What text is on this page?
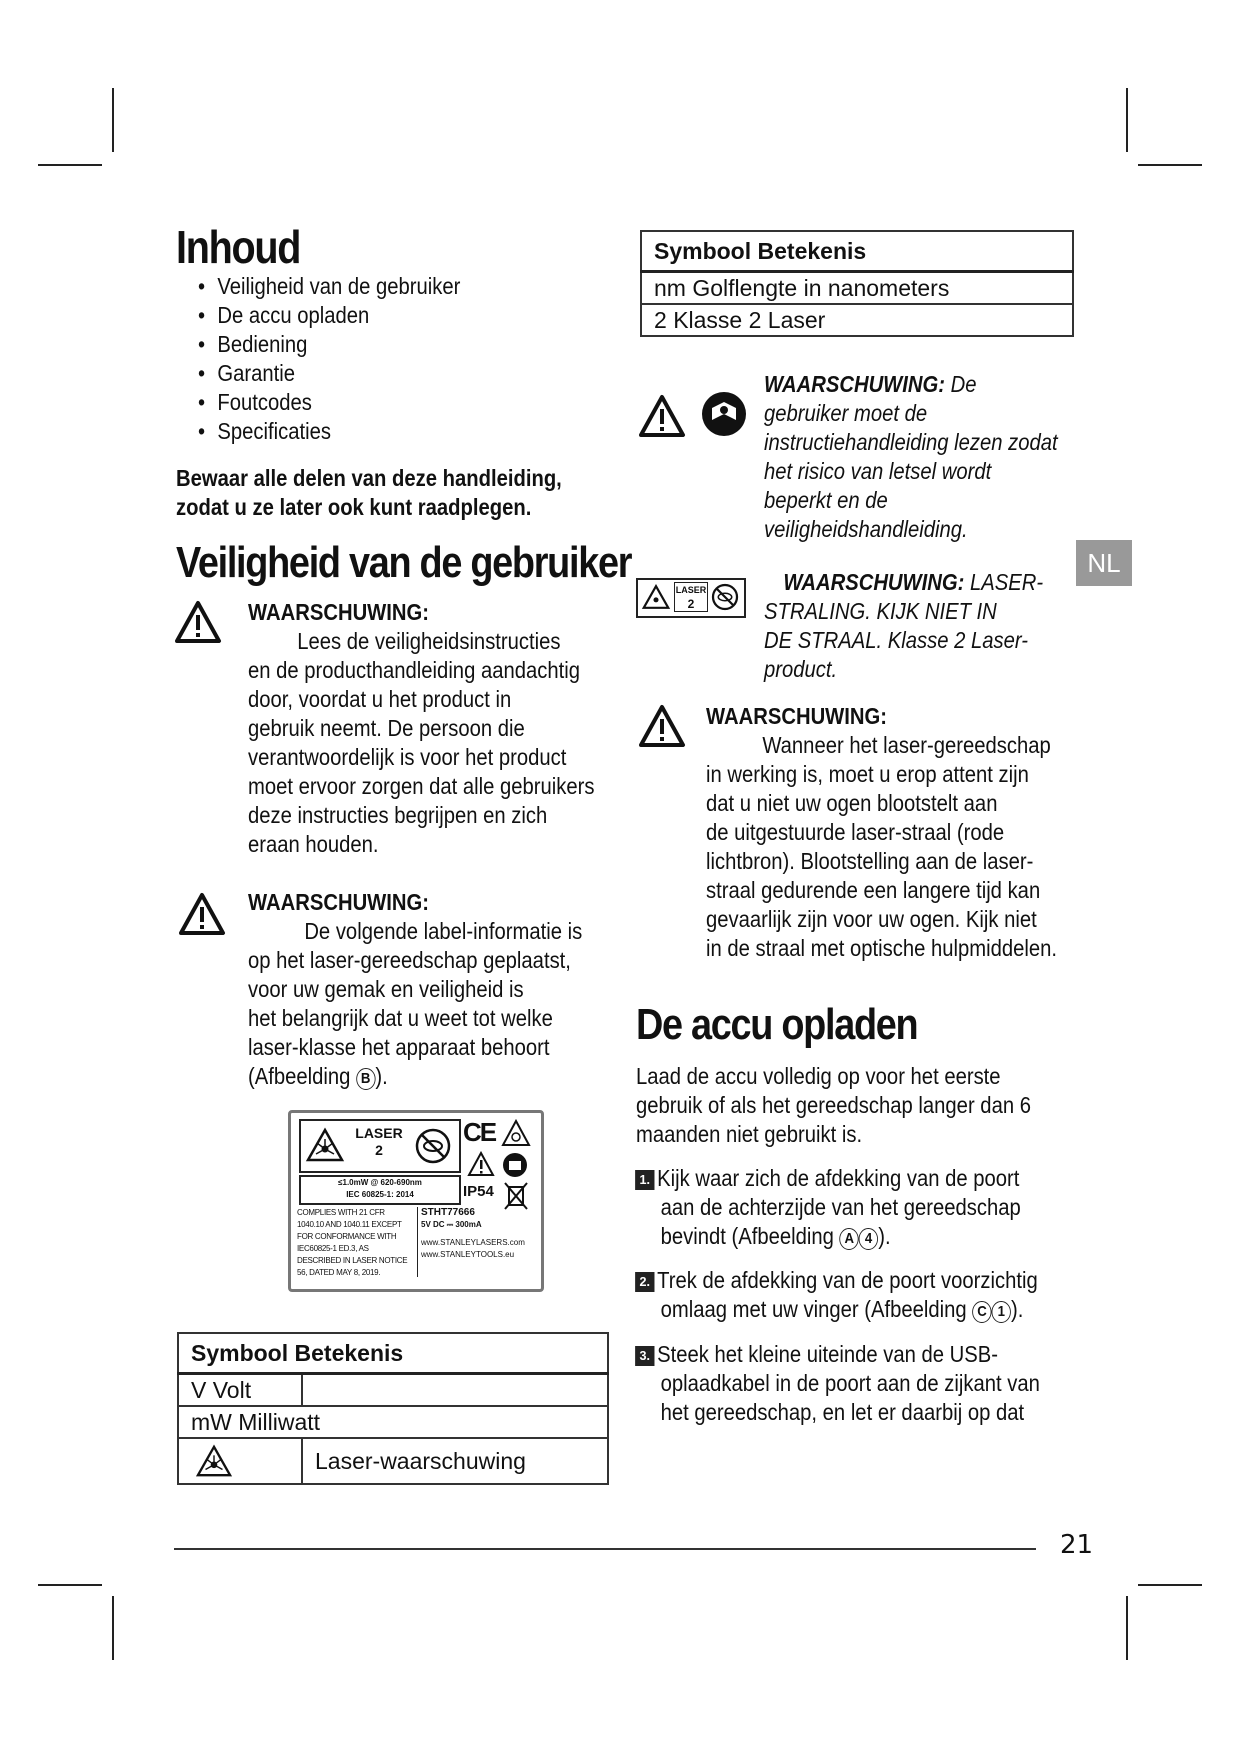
Inhoud
• Veiligheid van de gebruiker
• De accu opladen
• Bediening
• Garantie
• Foutcodes
• Specificaties
Bewaar alle delen van deze handleiding,
zodat u ze later ook kunt raadplegen.
Veiligheid van de gebruiker
WAARSCHUWING:
Lees de veiligheidsinstructies
en de producthandleiding aandachtig
door, voordat u het product in
gebruik neemt. De persoon die
verantwoordelijk is voor het product
moet ervoor zorgen dat alle gebruikers
deze instructies begrijpen en zich
eraan houden.
WAARSCHUWING:
De volgende label-informatie is
op het laser-gereedschap geplaatst,
voor uw gemak en veiligheid is
het belangrijk dat u weet tot welke
laser-klasse het apparaat behoort
(Afbeelding B ).
LASER
2
CE
≤1.0mW @ 620-690nm
IEC 60825-1: 2014	IP54
COMPLIES WITH 21 CFR
1040.10 AND 1040.11 EXCEPT
FOR CONFORMANCE WITH
IEC60825-1 ED.3, AS
DESCRIBED IN LASER NOTICE
56, DATED MAY 8, 2019.
STHT77666
5V DC ⎓ 300mA
www.STANLEYLASERS.com
www.STANLEYTOOLS.eu
Symbool Betekenis	
V Volt	
mW Milliwatt	
	Laser-waarschuwing
Symbool Betekenis
nm Golflengte in nanometers
2 Klasse 2 Laser
WAARSCHUWING: De
gebruiker moet de
instructiehandleiding lezen zodat
het risico van letsel wordt
beperkt en de
veiligheidshandleiding.
LASER
2
WAARSCHUWING: LASER-
STRALING. KIJK NIET IN
DE STRAAL. Klasse 2 Laser-
product.
WAARSCHUWING:
Wanneer het laser-gereedschap
in werking is, moet u erop attent zijn
dat u niet uw ogen blootstelt aan
de uitgestuurde laser-straal (rode
lichtbron). Blootstelling aan de laser-
straal gedurende een langere tijd kan
gevaarlijk zijn voor uw ogen. Kijk niet
in de straal met optische hulpmiddelen.
De accu opladen
Laad de accu volledig op voor het eerste
gebruik of als het gereedschap langer dan 6
maanden niet gebruikt is.
1. Kijk waar zich de afdekking van de poort
aan de achterzijde van het gereedschap
bevindt (Afbeelding A 4 ).
2. Trek de afdekking van de poort voorzichtig
omlaag met uw vinger (Afbeelding C 1 ).
3. Steek het kleine uiteinde van de USB-
oplaadkabel in de poort aan de zijkant van
het gereedschap, en let er daarbij op dat
NL
21
